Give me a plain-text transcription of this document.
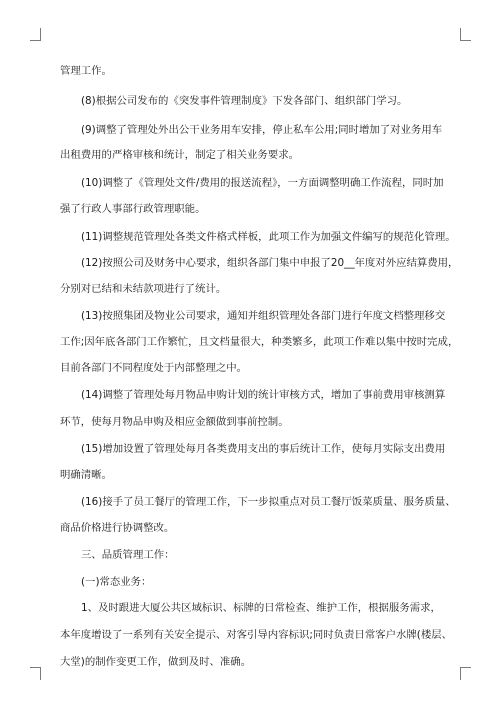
管理工作。
(8)根据公司发布的《突发事件管理制度》下发各部门、组织部门学习。
(9)调整了管理处外出公干业务用车安排，停止私车公用;同时增加了对业务用车
出租费用的严格审核和统计，制定了相关业务要求。
(10)调整了《管理处文件/费用的报送流程》，一方面调整明确工作流程，同时加
强了行政人事部行政管理职能。
(11)调整规范管理处各类文件格式样板，此项工作为加强文件编写的规范化管理。
(12)按照公司及财务中心要求，组织各部门集中申报了20__年度对外应结算费用，
分别对已结和未结款项进行了统计。
(13)按照集团及物业公司要求，通知并组织管理处各部门进行年度文档整理移交
工作;因年底各部门工作繁忙，且文档量很大，种类繁多，此项工作难以集中按时完成，
目前各部门不同程度处于内部整理之中。
(14)调整了管理处每月物品申购计划的统计审核方式，增加了事前费用审核测算
环节，使每月物品申购及相应金额做到事前控制。
(15)增加设置了管理处每月各类费用支出的事后统计工作，使每月实际支出费用
明确清晰。
(16)接手了员工餐厅的管理工作，下一步拟重点对员工餐厅饭菜质量、服务质量、
商品价格进行协调整改。
三、品质管理工作：
(一)常态业务：
1、及时跟进大厦公共区域标识、标牌的日常检查、维护工作，根据服务需求，
本年度增设了一系列有关安全提示、对客引导内容标识;同时负责日常客户水牌(楼层、
大堂)的制作变更工作，做到及时、准确。
